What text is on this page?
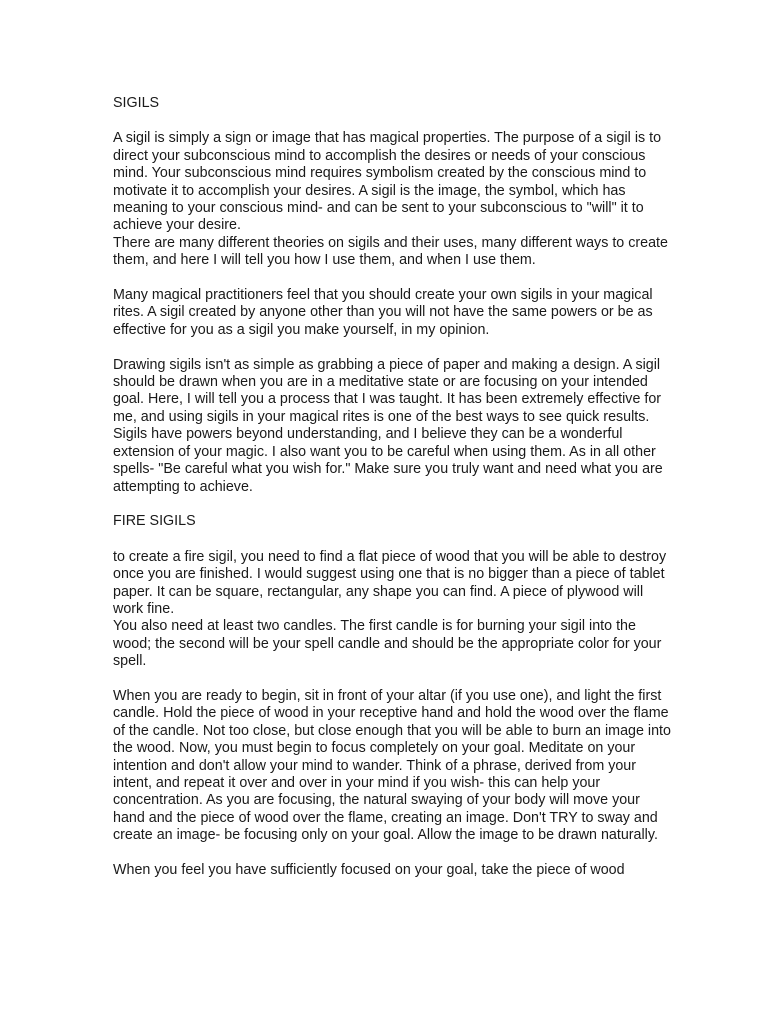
SIGILS

A sigil is simply a sign or image that has magical properties. The purpose of a sigil is to direct your subconscious mind to accomplish the desires or needs of your conscious mind. Your subconscious mind requires symbolism created by the conscious mind to motivate it to accomplish your desires. A sigil is the image, the symbol, which has meaning to your conscious mind- and can be sent to your subconscious to "will" it to achieve your desire.

There are many different theories on sigils and their uses, many different ways to create them, and here I will tell you how I use them, and when I use them.

Many magical practitioners feel that you should create your own sigils in your magical rites. A sigil created by anyone other than you will not have the same powers or be as effective for you as a sigil you make yourself, in my opinion.

Drawing sigils isn't as simple as grabbing a piece of paper and making a design. A sigil should be drawn when you are in a meditative state or are focusing on your intended goal. Here, I will tell you a process that I was taught. It has been extremely effective for me, and using sigils in your magical rites is one of the best ways to see quick results. Sigils have powers beyond understanding, and I believe they can be a wonderful extension of your magic. I also want you to be careful when using them. As in all other spells- "Be careful what you wish for." Make sure you truly want and need what you are attempting to achieve.

FIRE SIGILS

to create a fire sigil, you need to find a flat piece of wood that you will be able to destroy once you are finished. I would suggest using one that is no bigger than a piece of tablet paper. It can be square, rectangular, any shape you can find. A piece of plywood will work fine.

You also need at least two candles. The first candle is for burning your sigil into the wood; the second will be your spell candle and should be the appropriate color for your spell.

When you are ready to begin, sit in front of your altar (if you use one), and light the first candle. Hold the piece of wood in your receptive hand and hold the wood over the flame of the candle. Not too close, but close enough that you will be able to burn an image into the wood. Now, you must begin to focus completely on your goal. Meditate on your intention and don't allow your mind to wander. Think of a phrase, derived from your intent, and repeat it over and over in your mind if you wish- this can help your concentration. As you are focusing, the natural swaying of your body will move your hand and the piece of wood over the flame, creating an image. Don't TRY to sway and create an image- be focusing only on your goal. Allow the image to be drawn naturally.

When you feel you have sufficiently focused on your goal, take the piece of wood
